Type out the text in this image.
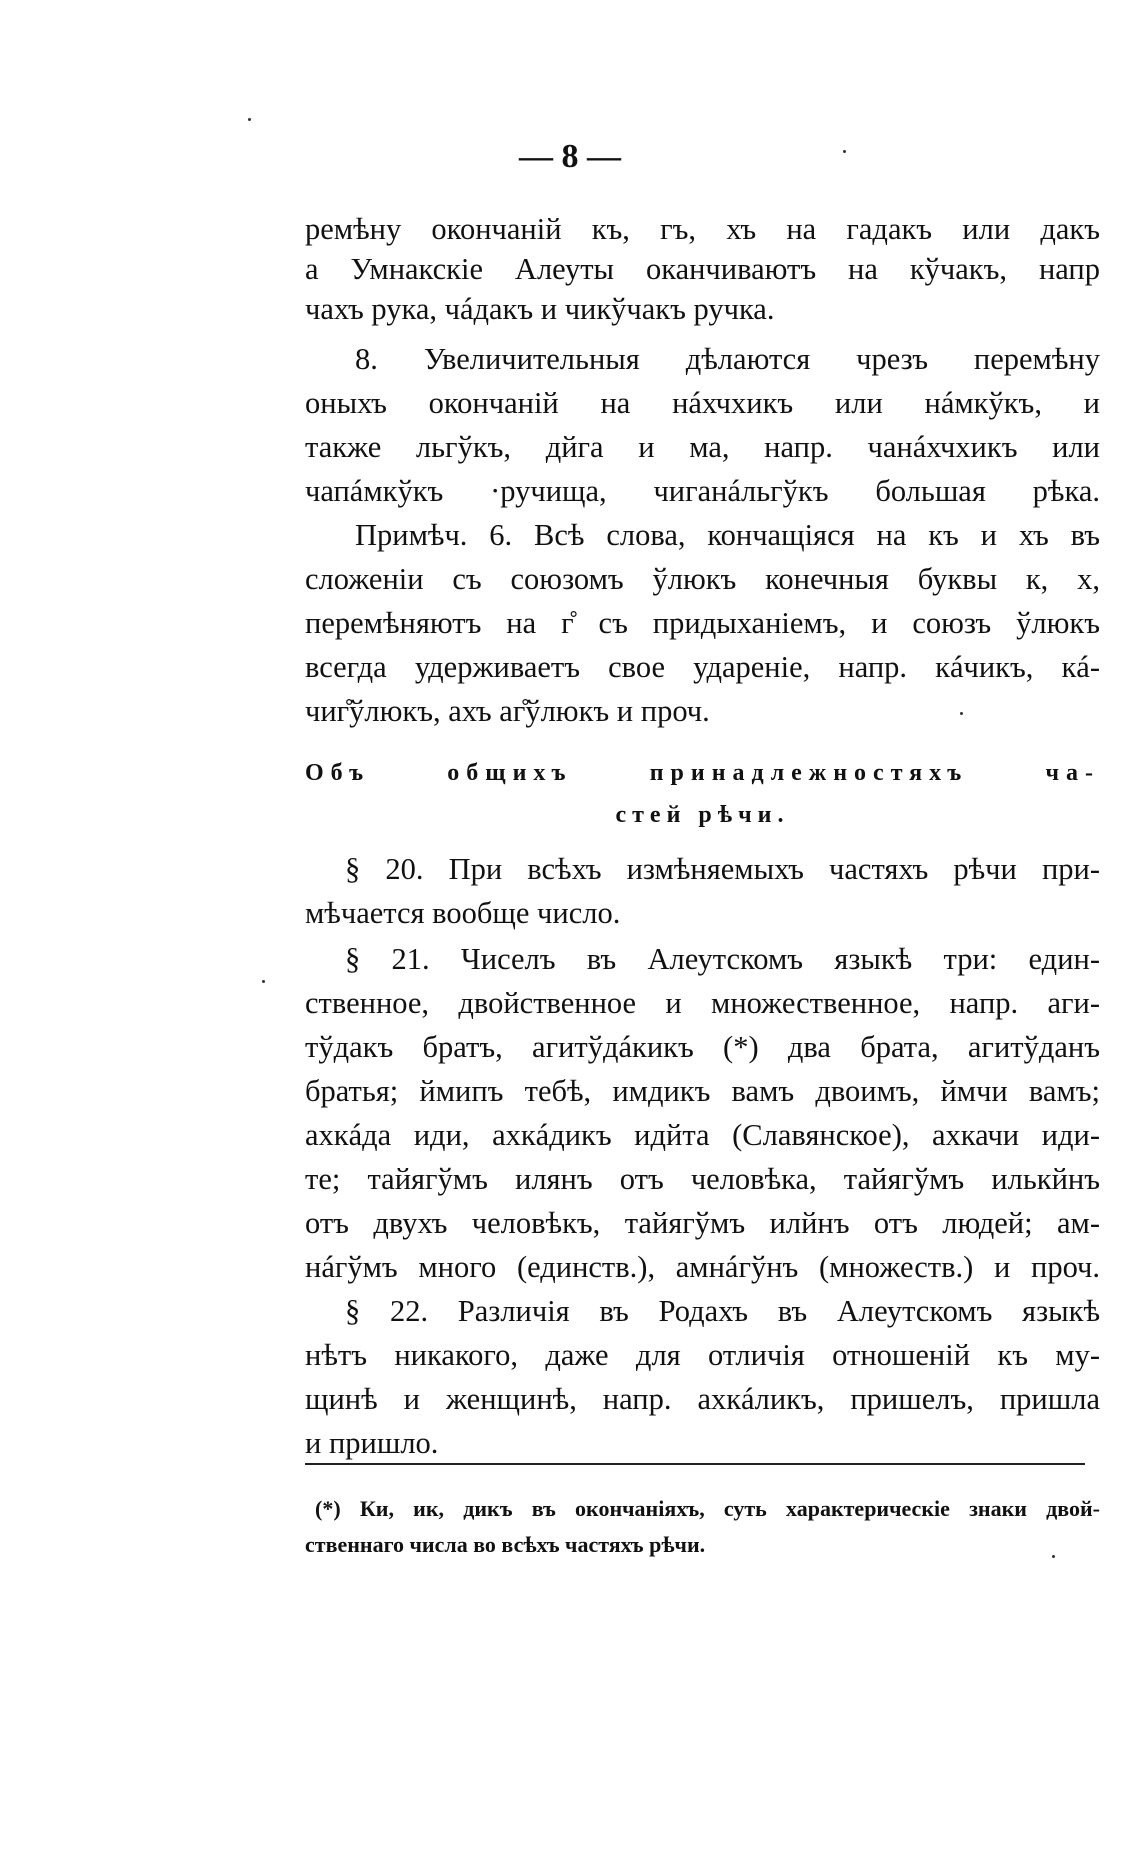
— 8 —
ремѣну окончаній къ, гъ, хъ на гадакъ или дакъ
а Умнакскіе Алеуты оканчиваютъ на кўчакъ, напр
чахъ рука, чáдакъ и чикўчакъ ручка.
8. Увеличительныя дѣлаются чрезъ перемѣну
оныхъ окончаній на нáхчхикъ или нáмкўкъ, и
также льгўкъ, дйга и ма, напр. чанáхчхикъ или
чапáмкўкъ ·ручища, чиганáльгўкъ большая рѣка.
Примѣч. 6. Всѣ слова, кончащіяся на къ и хъ въ
сложеніи съ союзомъ ўлюкъ конечныя буквы к, х,
перемѣняютъ на г̊ съ придыханіемъ, и союзъ ўлюкъ
всегда удерживаетъ свое удареніе, напр. кáчикъ, кá-
чиг̊ўлюкъ, ахъ аг̊ўлюкъ и проч.
Объ общихъ принадлежностяхъ ча-
стей рѣчи.
§ 20. При всѣхъ измѣняемыхъ частяхъ рѣчи при-
мѣчается вообще число.
§ 21. Чиселъ въ Алеутскомъ языкѣ три: един-
ственное, двойственное и множественное, напр. аги-
тўдакъ братъ, агитўдáкикъ (*) два брата, агитўданъ
братья; ймипъ тебѣ, имдикъ вамъ двоимъ, ймчи вамъ;
ахкáда иди, ахкáдикъ идйта (Славянское), ахкачи иди-
те; тайягўмъ илянъ отъ человѣка, тайягўмъ илькйнъ
отъ двухъ человѣкъ, тайягўмъ илйнъ отъ людей; ам-
нáгўмъ много (единств.), амнáгўнъ (множеств.) и проч.
§ 22. Различія въ Родахъ въ Алеутскомъ языкѣ
нѣтъ никакого, даже для отличія отношеній къ му-
щинѣ и женщинѣ, напр. ахкáликъ, пришелъ, пришла
и пришло.
(*) Ки, ик, дикъ въ окончаніяхъ, суть характерическіе знаки двой-
ственнаго числа во всѣхъ частяхъ рѣчи.
